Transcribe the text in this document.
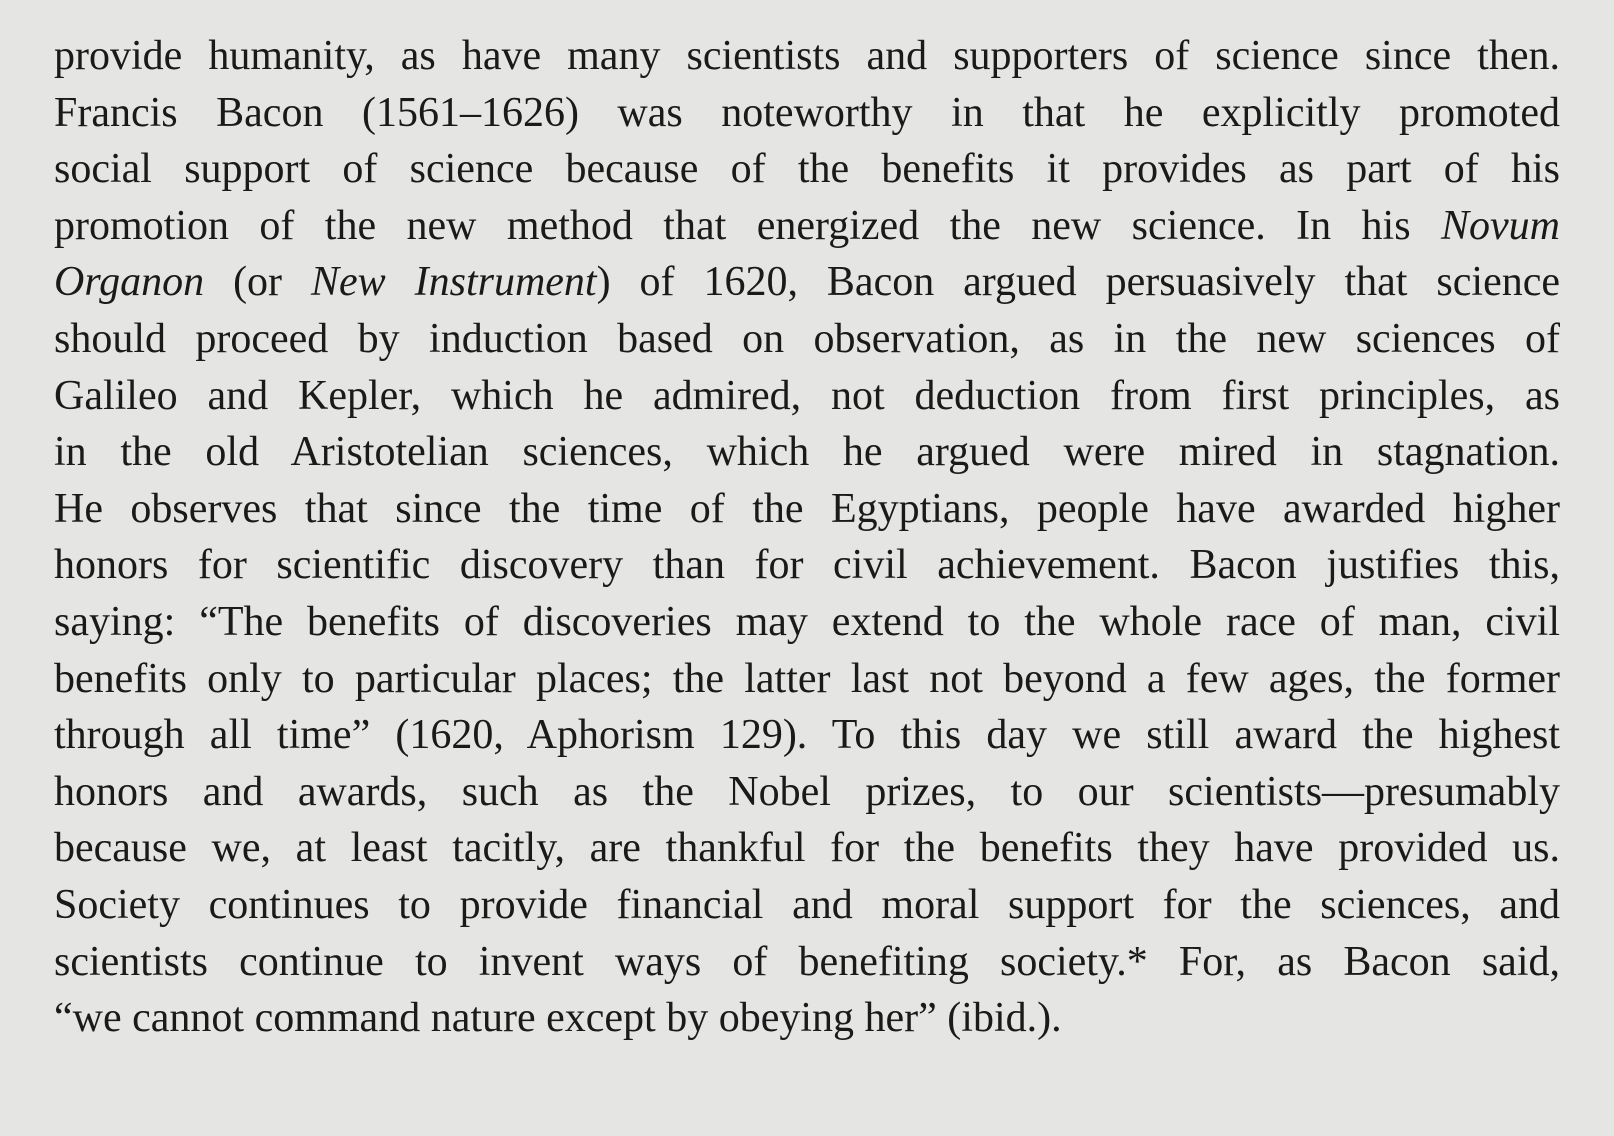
provide humanity, as have many scientists and supporters of science since then.
Francis Bacon (1561–1626) was noteworthy in that he explicitly promoted
social support of science because of the benefits it provides as part of his
promotion of the new method that energized the new science. In his Novum
Organon (or New Instrument) of 1620, Bacon argued persuasively that science
should proceed by induction based on observation, as in the new sciences of
Galileo and Kepler, which he admired, not deduction from first principles, as
in the old Aristotelian sciences, which he argued were mired in stagnation.
He observes that since the time of the Egyptians, people have awarded higher
honors for scientific discovery than for civil achievement. Bacon justifies this,
saying: “The benefits of discoveries may extend to the whole race of man, civil
benefits only to particular places; the latter last not beyond a few ages, the former
through all time” (1620, Aphorism 129). To this day we still award the highest
honors and awards, such as the Nobel prizes, to our scientists—presumably
because we, at least tacitly, are thankful for the benefits they have provided us.
Society continues to provide financial and moral support for the sciences, and
scientists continue to invent ways of benefiting society.* For, as Bacon said,
“we cannot command nature except by obeying her” (ibid.).
